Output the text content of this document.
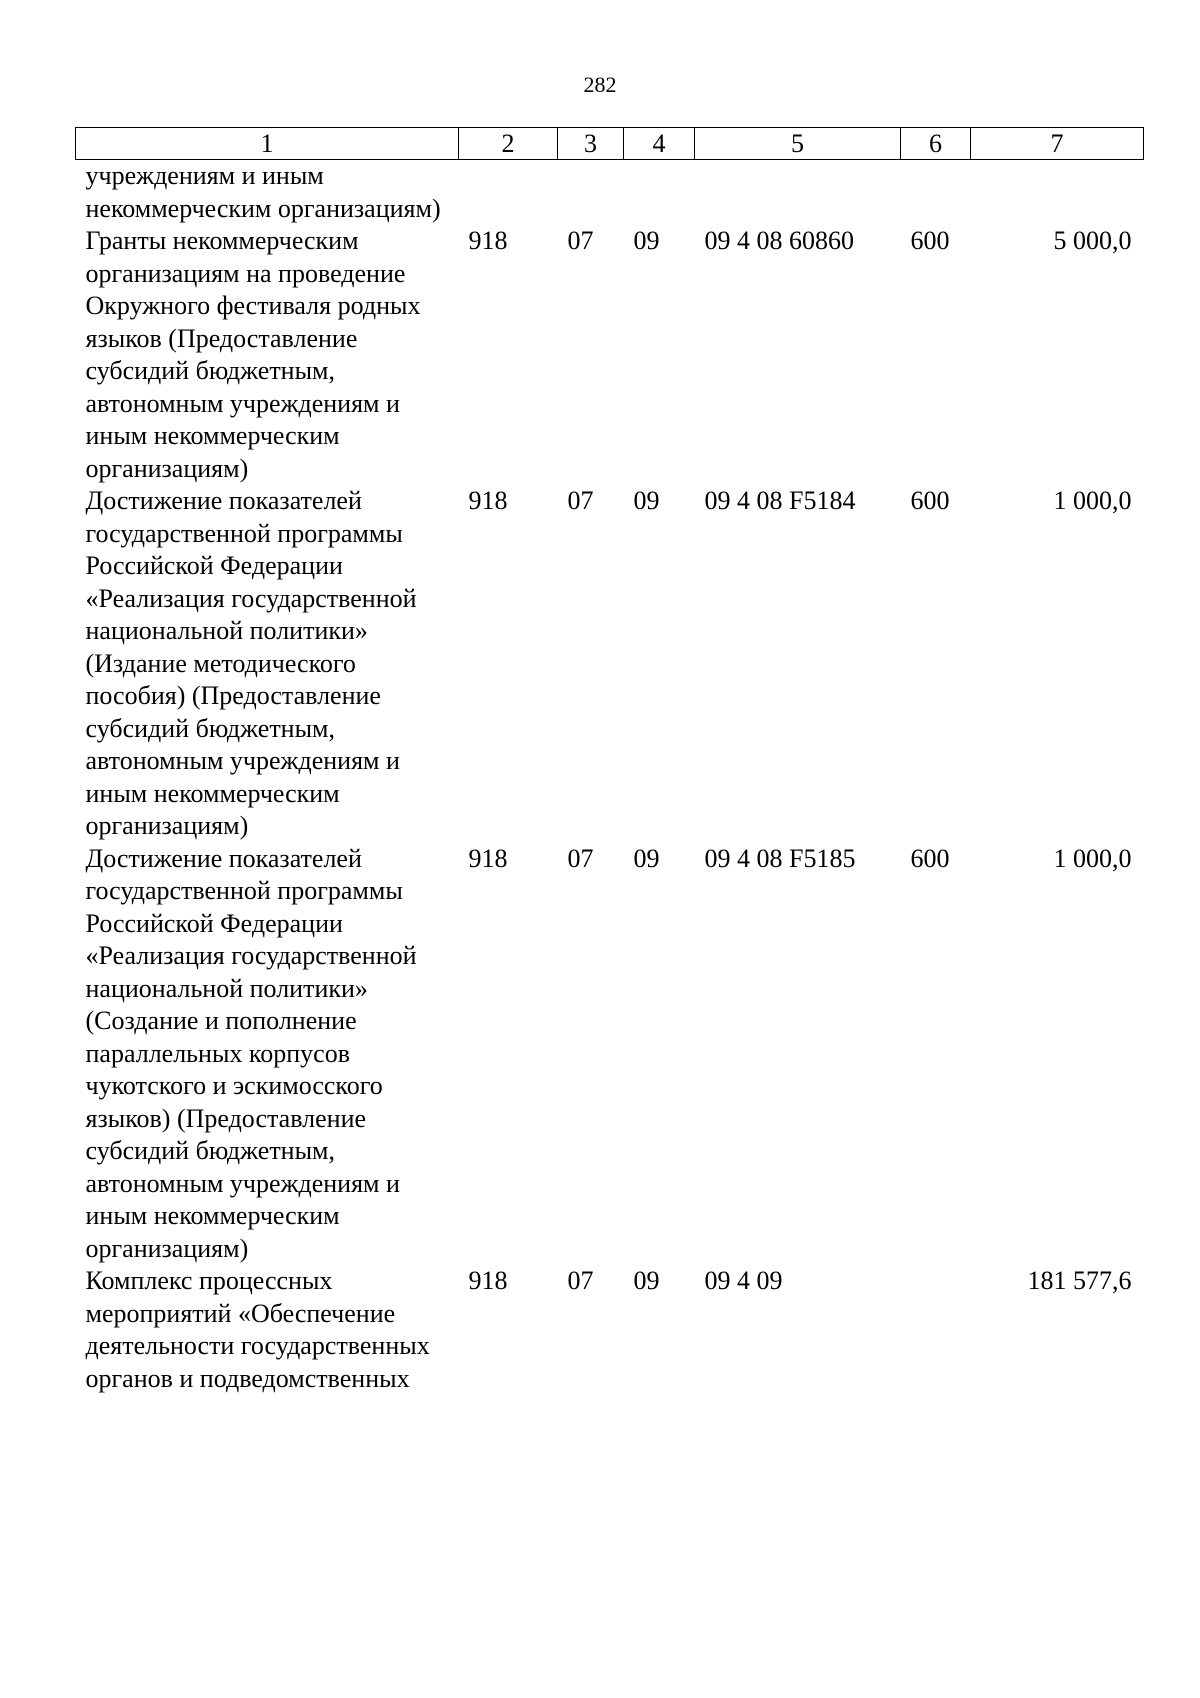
282
1	2	3	4	5	6	7
учреждениям и иным некоммерческим организациям)						
Гранты некоммерческим организациям на проведение Окружного фестиваля родных языков (Предоставление субсидий бюджетным, автономным учреждениям и иным некоммерческим организациям)	918	07	09	09 4 08 60860	600	5 000,0
Достижение показателей государственной программы Российской Федерации «Реализация государственной национальной политики» (Издание методического пособия) (Предоставление субсидий бюджетным, автономным учреждениям и иным некоммерческим организациям)	918	07	09	09 4 08 F5184	600	1 000,0
Достижение показателей государственной программы Российской Федерации «Реализация государственной национальной политики» (Создание и пополнение параллельных корпусов чукотского и эскимосского языков) (Предоставление субсидий бюджетным, автономным учреждениям и иным некоммерческим организациям)	918	07	09	09 4 08 F5185	600	1 000,0
Комплекс процессных мероприятий «Обеспечение деятельности государственных органов и подведомственных	918	07	09	09 4 09		181 577,6
